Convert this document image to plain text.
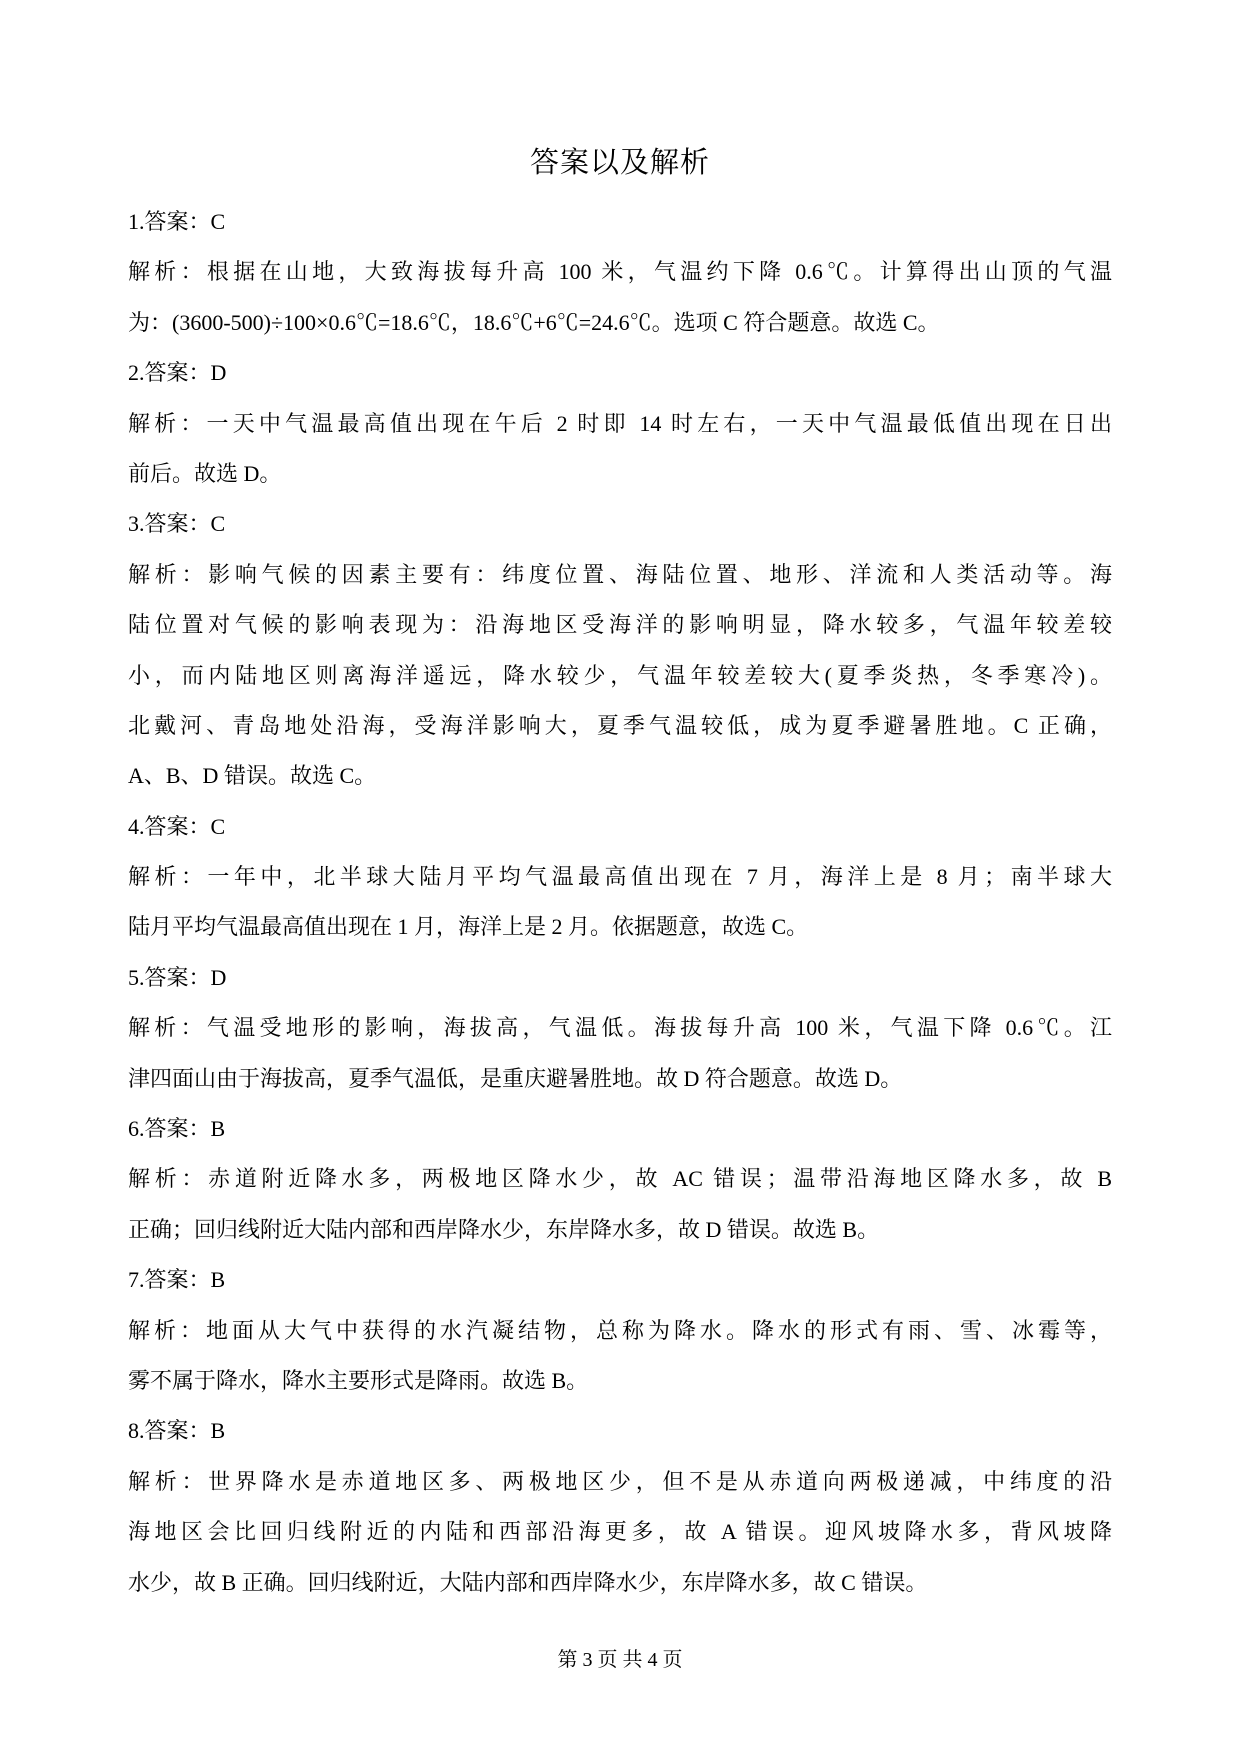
答案以及解析
1.答案：C
解析：根据在山地，大致海拔每升高 100 米，气温约下降 0.6℃。计算得出山顶的气温
为：(3600-500)÷100×0.6℃=18.6℃，18.6℃+6℃=24.6℃。选项 C 符合题意。故选 C。
2.答案：D
解析：一天中气温最高值出现在午后 2 时即 14 时左右，一天中气温最低值出现在日出
前后。故选 D。
3.答案：C
解析：影响气候的因素主要有：纬度位置、海陆位置、地形、洋流和人类活动等。海
陆位置对气候的影响表现为：沿海地区受海洋的影响明显，降水较多，气温年较差较
小，而内陆地区则离海洋遥远，降水较少，气温年较差较大(夏季炎热，冬季寒冷)。
北戴河、青岛地处沿海，受海洋影响大，夏季气温较低，成为夏季避暑胜地。C 正确，
A、B、D 错误。故选 C。
4.答案：C
解析：一年中，北半球大陆月平均气温最高值出现在 7 月，海洋上是 8 月；南半球大
陆月平均气温最高值出现在 1 月，海洋上是 2 月。依据题意，故选 C。
5.答案：D
解析：气温受地形的影响，海拔高，气温低。海拔每升高 100 米，气温下降 0.6℃。江
津四面山由于海拔高，夏季气温低，是重庆避暑胜地。故 D 符合题意。故选 D。
6.答案：B
解析：赤道附近降水多，两极地区降水少，故 AC 错误；温带沿海地区降水多，故 B
正确；回归线附近大陆内部和西岸降水少，东岸降水多，故 D 错误。故选 B。
7.答案：B
解析：地面从大气中获得的水汽凝结物，总称为降水。降水的形式有雨、雪、冰霉等，
雾不属于降水，降水主要形式是降雨。故选 B。
8.答案：B
解析：世界降水是赤道地区多、两极地区少，但不是从赤道向两极递减，中纬度的沿
海地区会比回归线附近的内陆和西部沿海更多，故 A 错误。迎风坡降水多，背风坡降
水少，故 B 正确。回归线附近，大陆内部和西岸降水少，东岸降水多，故 C 错误。
第 3 页 共 4 页
